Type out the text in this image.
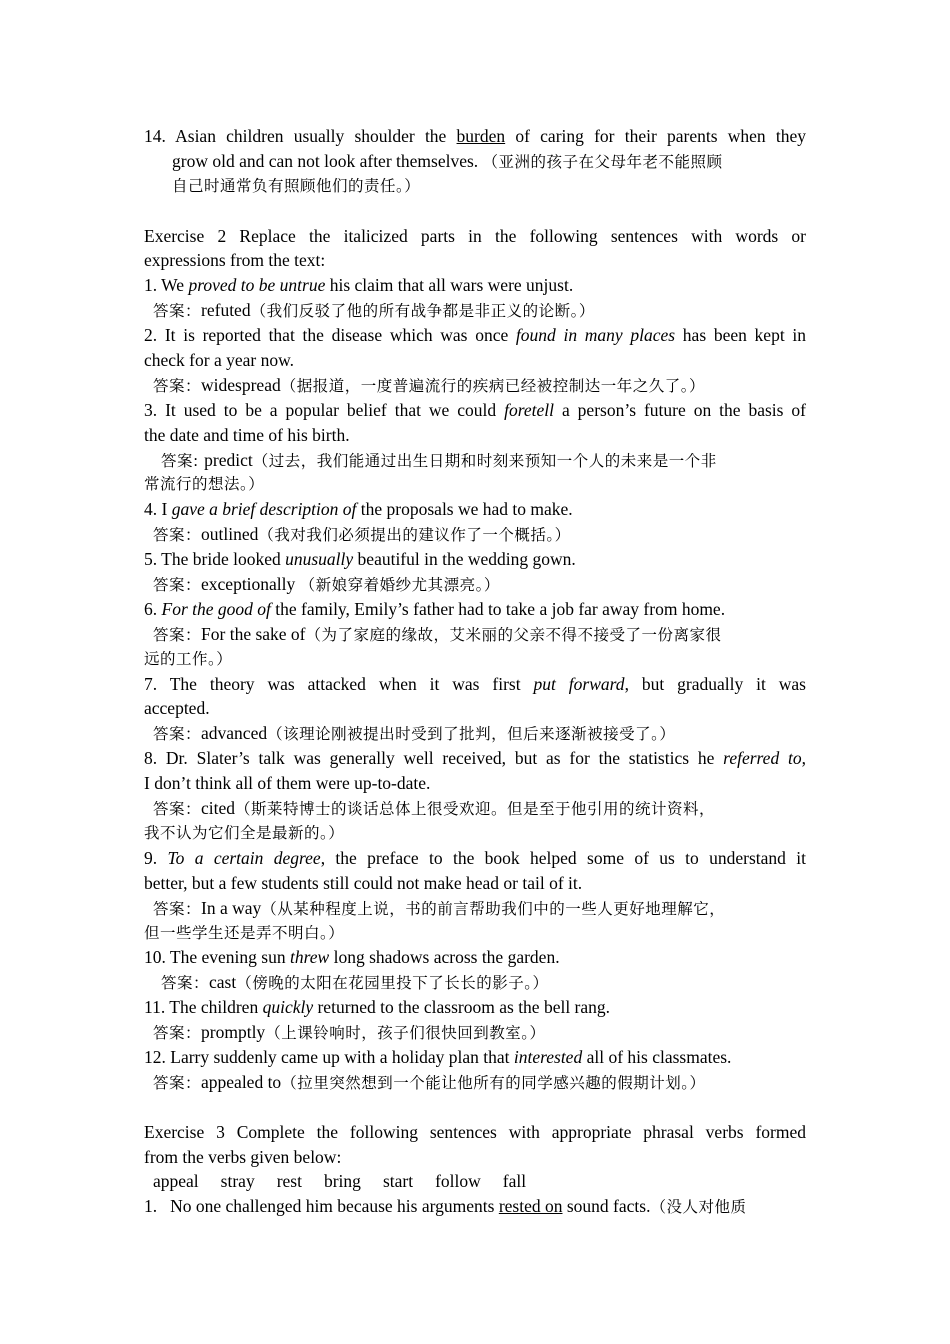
14. Asian children usually shoulder the burden of caring for their parents when they
grow old and can not look after themselves. （亚洲的孩子在父母年老不能照顾
自己时通常负有照顾他们的责任。）
Exercise 2 Replace the italicized parts in the following sentences with words or
expressions from the text:
1. We proved to be untrue his claim that all wars were unjust.
答案：refuted（我们反驳了他的所有战争都是非正义的论断。）
2. It is reported that the disease which was once found in many places has been kept in
check for a year now.
答案：widespread（据报道，一度普遍流行的疾病已经被控制达一年之久了。）
3. It used to be a popular belief that we could foretell a person’s future on the basis of
the date and time of his birth.
答案: predict（过去，我们能通过出生日期和时刻来预知一个人的未来是一个非
常流行的想法。）
4. I gave a brief description of the proposals we had to make.
答案：outlined（我对我们必须提出的建议作了一个概括。）
5. The bride looked unusually beautiful in the wedding gown.
答案：exceptionally （新娘穿着婚纱尤其漂亮。）
6. For the good of the family, Emily’s father had to take a job far away from home.
答案：For the sake of（为了家庭的缘故，艾米丽的父亲不得不接受了一份离家很
远的工作。）
7. The theory was attacked when it was first put forward, but gradually it was
accepted.
答案：advanced（该理论刚被提出时受到了批判，但后来逐渐被接受了。）
8. Dr. Slater’s talk was generally well received, but as for the statistics he referred to,
I don’t think all of them were up-to-date.
答案：cited（斯莱特博士的谈话总体上很受欢迎。但是至于他引用的统计资料，
我不认为它们全是最新的。）
9. To a certain degree, the preface to the book helped some of us to understand it
better, but a few students still could not make head or tail of it.
答案：In a way（从某种程度上说，书的前言帮助我们中的一些人更好地理解它，
但一些学生还是弄不明白。）
10. The evening sun threw long shadows across the garden.
答案：cast（傍晚的太阳在花园里投下了长长的影子。）
11. The children quickly returned to the classroom as the bell rang.
答案：promptly（上课铃响时，孩子们很快回到教室。）
12. Larry suddenly came up with a holiday plan that interested all of his classmates.
答案：appealed to（拉里突然想到一个能让他所有的同学感兴趣的假期计划。）
Exercise 3 Complete the following sentences with appropriate phrasal verbs formed
from the verbs given below:
appeal stray rest bring start follow fall
1. No one challenged him because his arguments rested on sound facts.（没人对他质
